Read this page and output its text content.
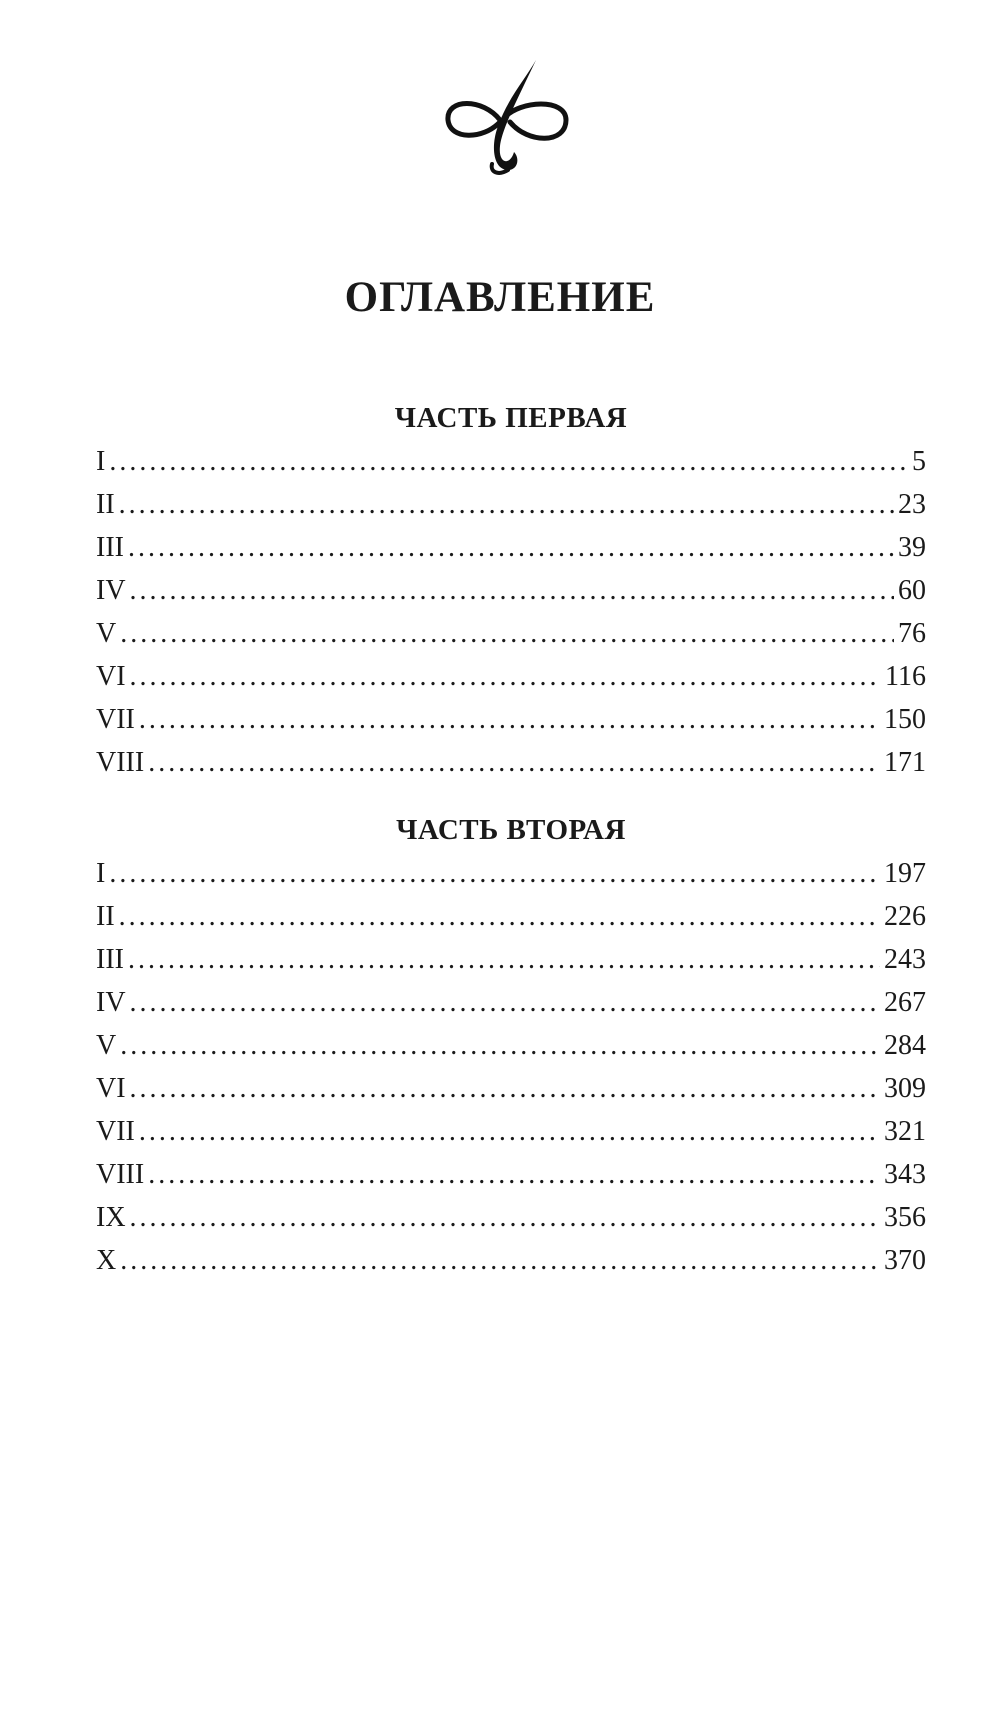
ОГЛАВЛЕНИЕ
ЧАСТЬ ПЕРВАЯ
I .....	5
II .....	23
III .....	39
IV .....	60
V .....	76
VI .....	116
VII .....	150
VIII .....	171
ЧАСТЬ ВТОРАЯ
I .....	197
II .....	226
III .....	243
IV .....	267
V .....	284
VI .....	309
VII .....	321
VIII .....	343
IX .....	356
X .....	370
